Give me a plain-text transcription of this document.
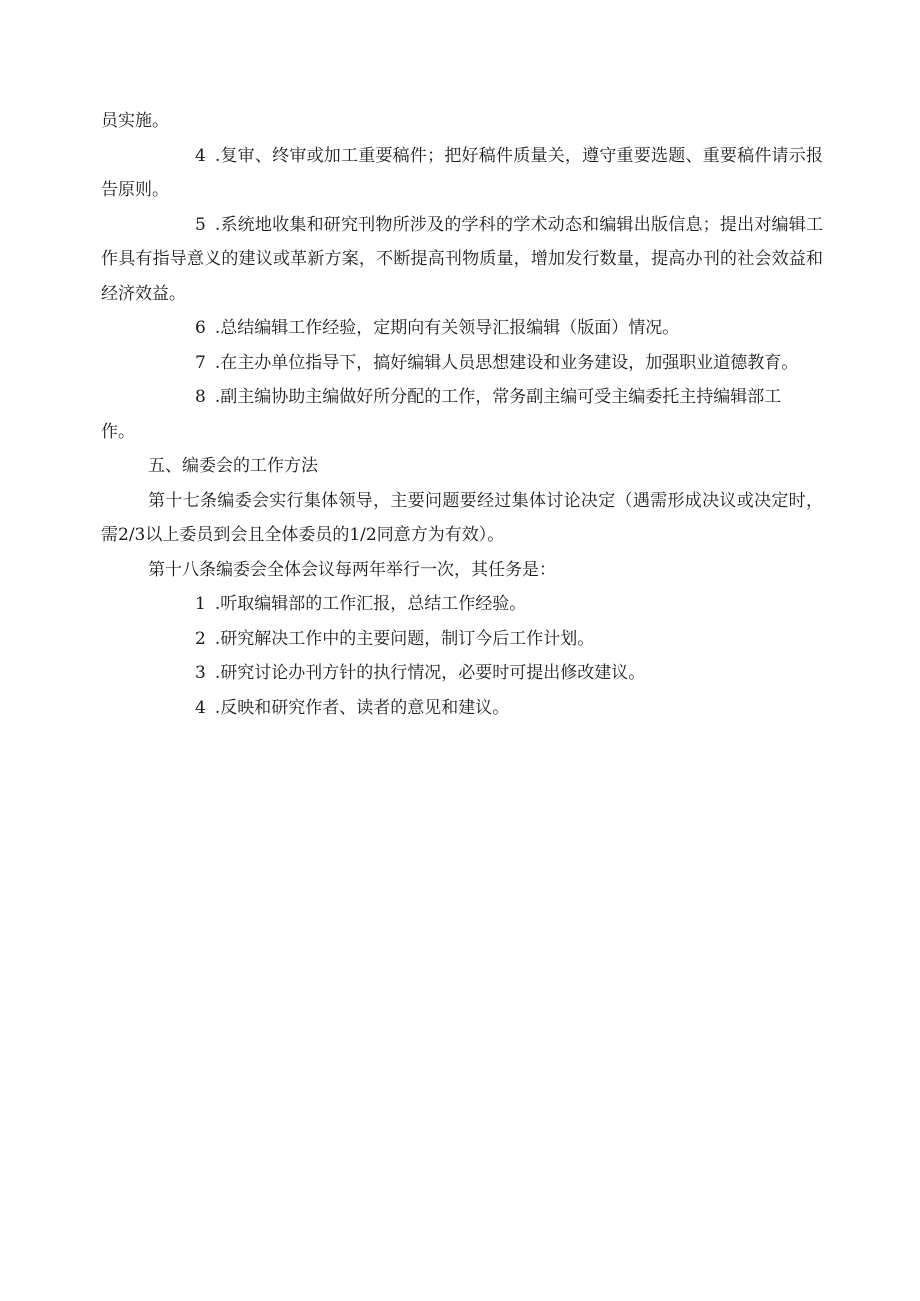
员实施。

4 .复审、终审或加工重要稿件；把好稿件质量关，遵守重要选题、重要稿件请示报告原则。

5 .系统地收集和研究刊物所涉及的学科的学术动态和编辑出版信息；提出对编辑工作具有指导意义的建议或革新方案，不断提高刊物质量，增加发行数量，提高办刊的社会效益和经济效益。

6 .总结编辑工作经验，定期向有关领导汇报编辑（版面）情况。

7 .在主办单位指导下，搞好编辑人员思想建设和业务建设，加强职业道德教育。

8 .副主编协助主编做好所分配的工作，常务副主编可受主编委托主持编辑部工

作。

五、编委会的工作方法

第十七条编委会实行集体领导，主要问题要经过集体讨论决定（遇需形成决议或决定时，需2/3以上委员到会且全体委员的1/2同意方为有效）。

第十八条编委会全体会议每两年举行一次，其任务是：

1 .听取编辑部的工作汇报，总结工作经验。

2 .研究解决工作中的主要问题，制订今后工作计划。

3 .研究讨论办刊方针的执行情况，必要时可提出修改建议。

4 .反映和研究作者、读者的意见和建议。
